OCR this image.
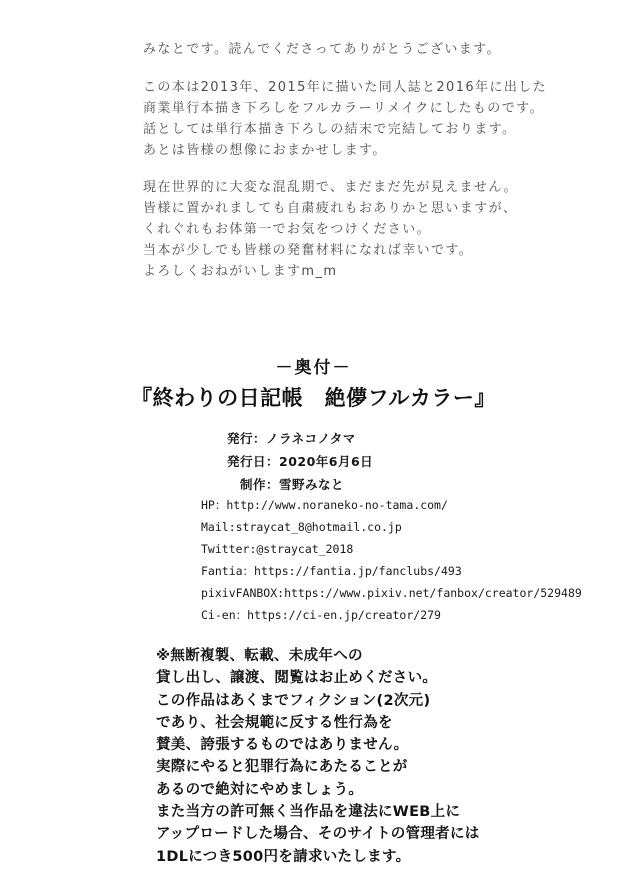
みなとです。読んでくださってありがとうございます。

この本は2013年、2015年に描いた同人誌と2016年に出した

商業単行本描き下ろしをフルカラーリメイクにしたものです。

話としては単行本描き下ろしの結末で完結しております。

あとは皆様の想像におまかせします。

現在世界的に大変な混乱期で、まだまだ先が見えません。

皆様に置かれましても自粛疲れもおありかと思いますが、

くれぐれもお体第一でお気をつけください。

当本が少しでも皆様の発奮材料になれば幸いです。

よろしくおねがいしますm_m

－奥付－
『終わりの日記帳　絶儚フルカラー』

発行：ノラネコノタマ

発行日：2020年6月6日

制作：雪野みなと

HP：http://www.noraneko-no-tama.com/

Mail:straycat_8@hotmail.co.jp

Twitter:@straycat_2018

Fantia：https://fantia.jp/fanclubs/493

pixivFANBOX:https://www.pixiv.net/fanbox/creator/529489

Ci-en：https://ci-en.jp/creator/279

※無断複製、転載、未成年への

貸し出し、譲渡、閲覧はお止めください。

この作品はあくまでフィクション(2次元)

であり、社会規範に反する性行為を

賛美、誇張するものではありません。

実際にやると犯罪行為にあたることが

あるので絶対にやめましょう。

また当方の許可無く当作品を違法にWEB上に

アップロードした場合、そのサイトの管理者には

1DLにつき500円を請求いたします。
